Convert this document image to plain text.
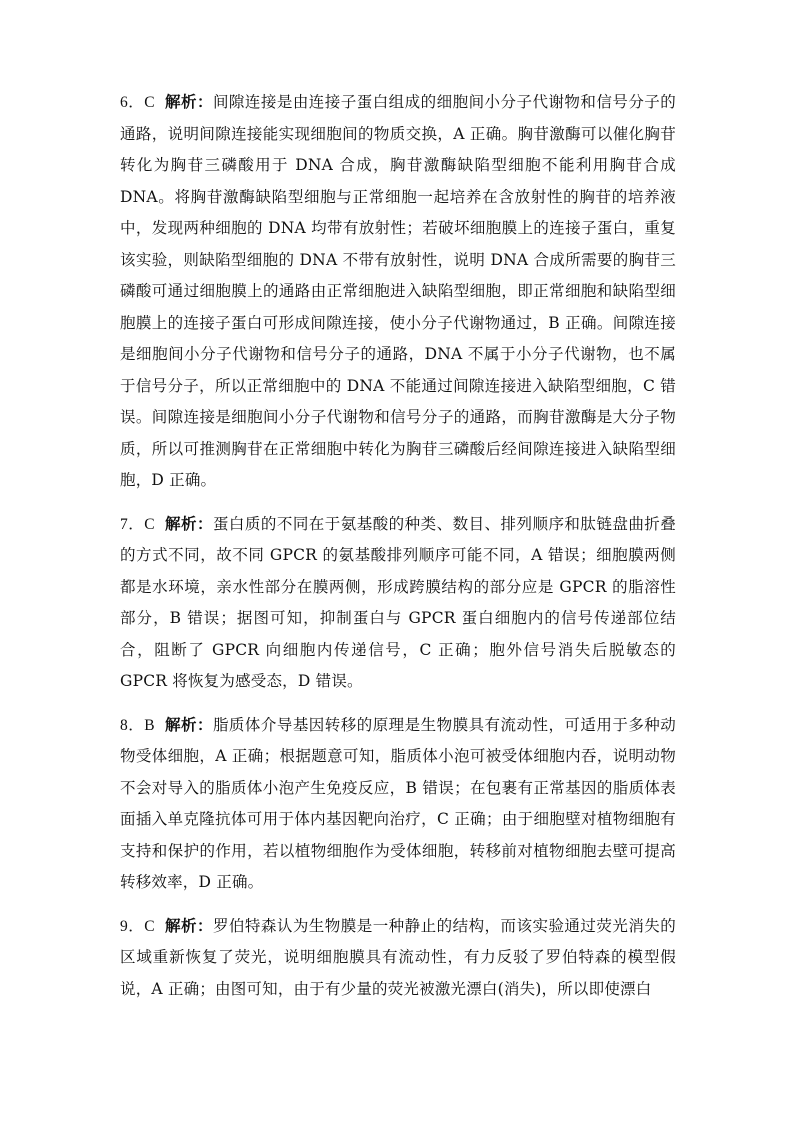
6．C 解析：间隙连接是由连接子蛋白组成的细胞间小分子代谢物和信号分子的通路，说明间隙连接能实现细胞间的物质交换，A 正确。胸苷激酶可以催化胸苷转化为胸苷三磷酸用于 DNA 合成，胸苷激酶缺陷型细胞不能利用胸苷合成 DNA。将胸苷激酶缺陷型细胞与正常细胞一起培养在含放射性的胸苷的培养液中，发现两种细胞的 DNA 均带有放射性；若破坏细胞膜上的连接子蛋白，重复该实验，则缺陷型细胞的 DNA 不带有放射性，说明 DNA 合成所需要的胸苷三磷酸可通过细胞膜上的通路由正常细胞进入缺陷型细胞，即正常细胞和缺陷型细胞膜上的连接子蛋白可形成间隙连接，使小分子代谢物通过，B 正确。间隙连接是细胞间小分子代谢物和信号分子的通路，DNA 不属于小分子代谢物，也不属于信号分子，所以正常细胞中的 DNA 不能通过间隙连接进入缺陷型细胞，C 错误。间隙连接是细胞间小分子代谢物和信号分子的通路，而胸苷激酶是大分子物质，所以可推测胸苷在正常细胞中转化为胸苷三磷酸后经间隙连接进入缺陷型细胞，D 正确。

7．C 解析：蛋白质的不同在于氨基酸的种类、数目、排列顺序和肽链盘曲折叠的方式不同，故不同 GPCR 的氨基酸排列顺序可能不同，A 错误；细胞膜两侧都是水环境，亲水性部分在膜两侧，形成跨膜结构的部分应是 GPCR 的脂溶性部分，B 错误；据图可知，抑制蛋白与 GPCR 蛋白细胞内的信号传递部位结合，阻断了 GPCR 向细胞内传递信号，C 正确；胞外信号消失后脱敏态的 GPCR 将恢复为感受态，D 错误。

8．B 解析：脂质体介导基因转移的原理是生物膜具有流动性，可适用于多种动物受体细胞，A 正确；根据题意可知，脂质体小泡可被受体细胞内吞，说明动物不会对导入的脂质体小泡产生免疫反应，B 错误；在包裹有正常基因的脂质体表面插入单克隆抗体可用于体内基因靶向治疗，C 正确；由于细胞壁对植物细胞有支持和保护的作用，若以植物细胞作为受体细胞，转移前对植物细胞去壁可提高转移效率，D 正确。

9．C 解析：罗伯特森认为生物膜是一种静止的结构，而该实验通过荧光消失的区域重新恢复了荧光，说明细胞膜具有流动性，有力反驳了罗伯特森的模型假说，A 正确；由图可知，由于有少量的荧光被激光漂白(消失)，所以即使漂白
